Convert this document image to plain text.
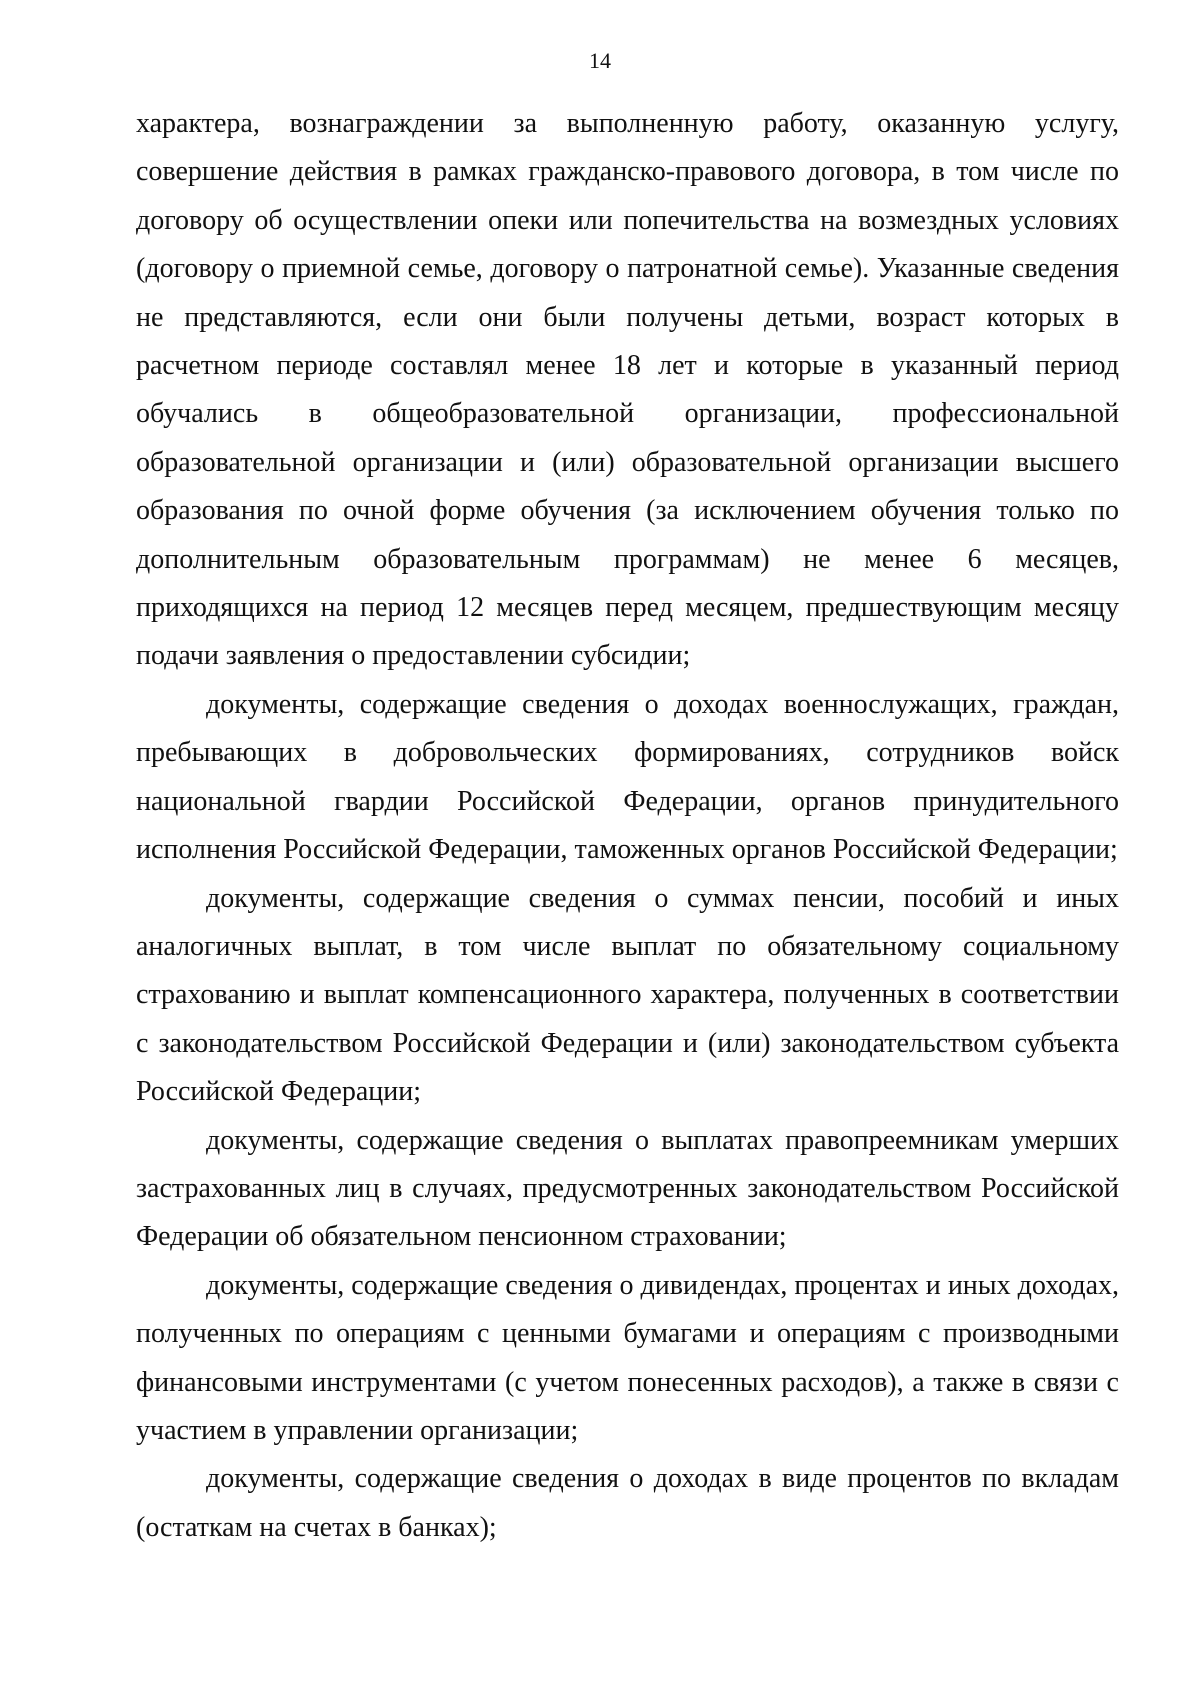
14

характера, вознаграждении за выполненную работу, оказанную услугу, совершение действия в рамках гражданско-правового договора, в том числе по договору об осуществлении опеки или попечительства на возмездных условиях (договору о приемной семье, договору о патронатной семье). Указанные сведения не представляются, если они были получены детьми, возраст которых в расчетном периоде составлял менее 18 лет и которые в указанный период обучались в общеобразовательной организации, профессиональной образовательной организации и (или) образовательной организации высшего образования по очной форме обучения (за исключением обучения только по дополнительным образовательным программам) не менее 6 месяцев, приходящихся на период 12 месяцев перед месяцем, предшествующим месяцу подачи заявления о предоставлении субсидии;

документы, содержащие сведения о доходах военнослужащих, граждан, пребывающих в добровольческих формированиях, сотрудников войск национальной гвардии Российской Федерации, органов принудительного исполнения Российской Федерации, таможенных органов Российской Федерации;

документы, содержащие сведения о суммах пенсии, пособий и иных аналогичных выплат, в том числе выплат по обязательному социальному страхованию и выплат компенсационного характера, полученных в соответствии с законодательством Российской Федерации и (или) законодательством субъекта Российской Федерации;

документы, содержащие сведения о выплатах правопреемникам умерших застрахованных лиц в случаях, предусмотренных законодательством Российской Федерации об обязательном пенсионном страховании;

документы, содержащие сведения о дивидендах, процентах и иных доходах, полученных по операциям с ценными бумагами и операциям с производными финансовыми инструментами (с учетом понесенных расходов), а также в связи с участием в управлении организации;

документы, содержащие сведения о доходах в виде процентов по вкладам (остаткам на счетах в банках);
